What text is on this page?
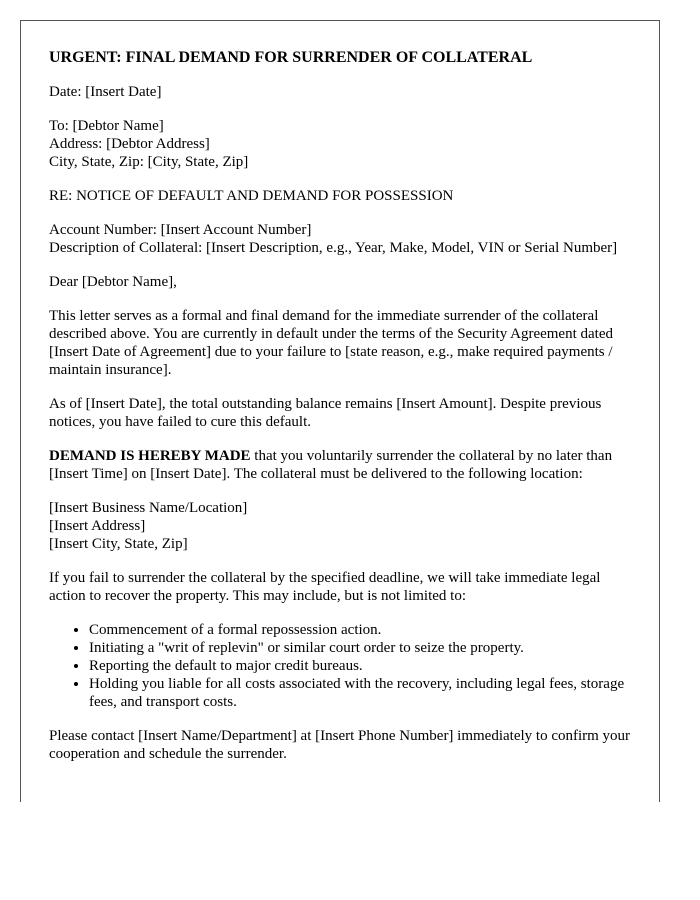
URGENT: FINAL DEMAND FOR SURRENDER OF COLLATERAL

Date: [Insert Date]

To: [Debtor Name]
Address: [Debtor Address]
City, State, Zip: [City, State, Zip]

RE: NOTICE OF DEFAULT AND DEMAND FOR POSSESSION

Account Number: [Insert Account Number]
Description of Collateral: [Insert Description, e.g., Year, Make, Model, VIN or Serial Number]

Dear [Debtor Name],

This letter serves as a formal and final demand for the immediate surrender of the collateral described above. You are currently in default under the terms of the Security Agreement dated [Insert Date of Agreement] due to your failure to [state reason, e.g., make required payments / maintain insurance].

As of [Insert Date], the total outstanding balance remains [Insert Amount]. Despite previous notices, you have failed to cure this default.

DEMAND IS HEREBY MADE that you voluntarily surrender the collateral by no later than [Insert Time] on [Insert Date]. The collateral must be delivered to the following location:

[Insert Business Name/Location]
[Insert Address]
[Insert City, State, Zip]

If you fail to surrender the collateral by the specified deadline, we will take immediate legal action to recover the property. This may include, but is not limited to:

• Commencement of a formal repossession action.
• Initiating a "writ of replevin" or similar court order to seize the property.
• Reporting the default to major credit bureaus.
• Holding you liable for all costs associated with the recovery, including legal fees, storage fees, and transport costs.

Please contact [Insert Name/Department] at [Insert Phone Number] immediately to confirm your cooperation and schedule the surrender.
